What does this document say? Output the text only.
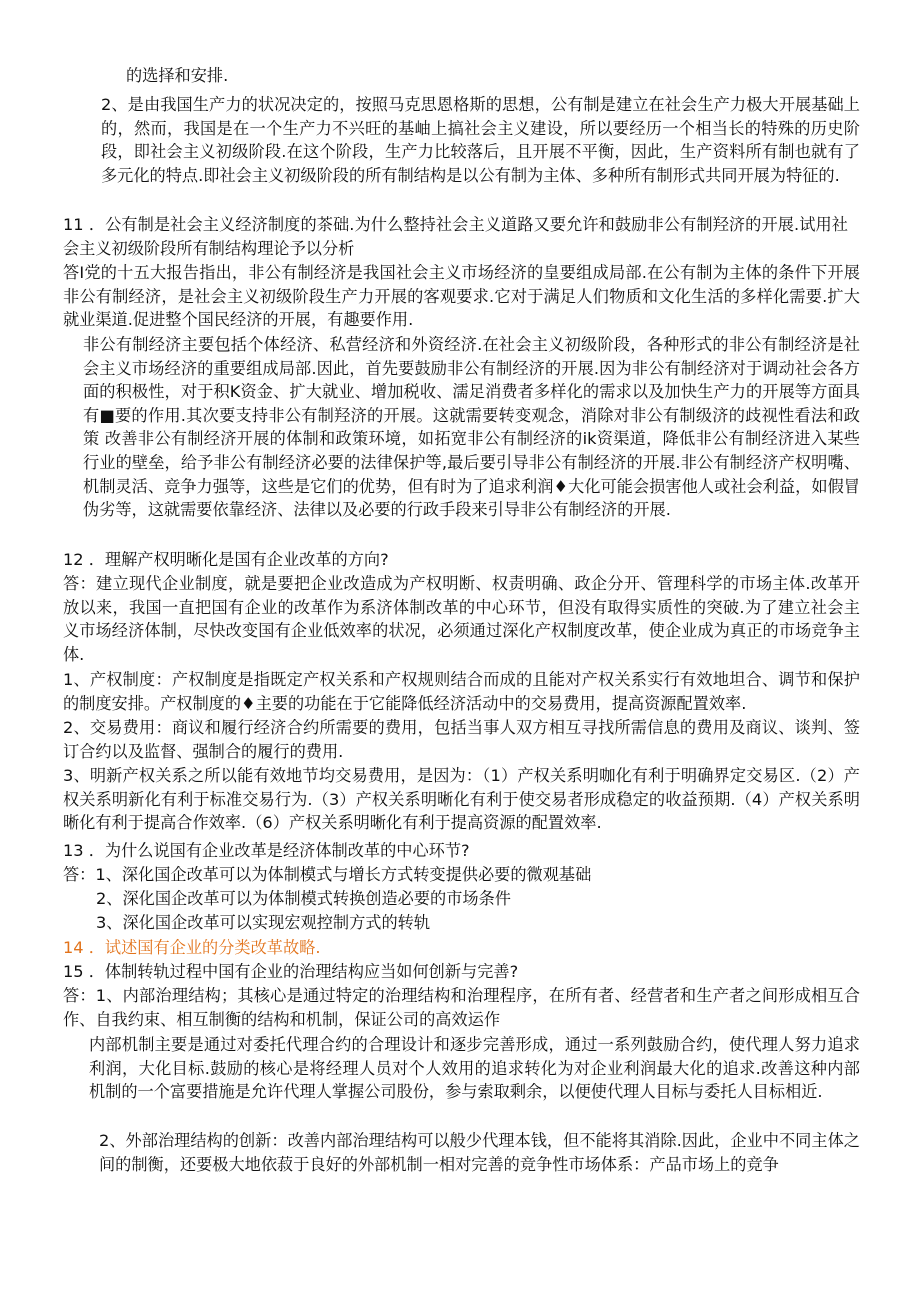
的选择和安排.
2、是由我国生产力的状况决定的，按照马克思恩格斯的思想，公有制是建立在社会生产力极大开展基础上的，然而，我国是在一个生产力不兴旺的基岫上搞社会主义建设，所以要经历一个相当长的特殊的历史阶段，即社会主义初级阶段.在这个阶段，生产力比较落后，且开展不平衡，因此，生产资料所有制也就有了多元化的特点.即社会主义初级阶段的所有制结构是以公有制为主体、多种所有制形式共同开展为特征的.
11 ．公有制是社会主义经济制度的茶础.为什么整持社会主义道路又要允许和鼓励非公有制羟济的开展.试用社会主义初级阶段所有制结构理论予以分析
答I党的十五大报告指出，非公有制经济是我国社会主义市场经济的皇要组成局部.在公有制为主体的条件下开展非公有制经济，是社会主义初级阶段生产力开展的客观要求.它对于满足人们物质和文化生活的多样化需要.扩大就业渠道.促进整个国民经济的开展，有趣要作用.
非公有制经济主要包括个体经济、私营经济和外资经济.在社会主义初级阶段，各种形式的非公有制经济是社会主义市场经济的重要组成局部.因此，首先要鼓励非公有制经济的开展.因为非公有制经济对于调动社会各方面的积极性，对于积K资金、扩大就业、增加税收、濡足消费者多样化的需求以及加快生产力的开展等方面具有■要的作用.其次要支持非公有制羟济的开展。这就需要转变观念，消除对非公有制级济的歧视性看法和政策 改善非公有制经济开展的体制和政策环境，如拓宽非公有制经济的ik资渠道，降低非公有制经济进入某些行业的壁垒，给予非公有制经济必要的法律保护等,最后要引导非公有制经济的开展.非公有制经济产权明嘴、机制灵活、竞争力强等，这些是它们的优势，但有时为了追求利润♦大化可能会损害他人或社会利益，如假冒伪劣等，这就需要依靠经济、法律以及必要的行政手段来引导非公有制经济的开展.
12 ．理解产权明晰化是国有企业改革的方向?
答：建立现代企业制度，就是要把企业改造成为产权明断、权责明确、政企分开、管理科学的市场主体.改革开放以来，我国一直把国有企业的改革作为系济体制改革的中心环节，但没有取得实质性的突破.为了建立社会主义市场经济体制，尽快改变国有企业低效率的状况，必须通过深化产权制度改革，使企业成为真正的市场竞争主体.
1、产权制度：产权制度是指既定产权关系和产权规则结合而成的且能对产权关系实行有效地坦合、调节和保护的制度安排。产权制度的♦主要的功能在于它能降低经济活动中的交易费用，提高资源配置效率.
2、交易费用：商议和履行经济合约所需要的费用，包括当事人双方相互寻找所需信息的费用及商议、谈判、签订合约以及监督、强制合的履行的费用.
3、明新产权关系之所以能有效地节均交易费用，是因为：（1）产权关系明咖化有利于明确界定交易区.（2）产权关系明新化有利于标准交易行为.（3）产权关系明晰化有利于使交易者形成稳定的收益预期.（4）产权关系明晰化有利于提高合作效率.（6）产权关系明晰化有利于提高资源的配置效率.
13 ．为什么说国有企业改革是经济体制改革的中心环节?
答：1、深化国企改革可以为体制模式与增长方式转变提供必要的微观基础
2、深化国企改革可以为体制模式转换创造必要的市场条件
3、深化国企改革可以实现宏观控制方式的转轨
14 ．试述国有企业的分类改革故略.
15 ．体制转轨过程中国有企业的治理结构应当如何创新与完善?
答：1、内部治理结构；其核心是通过特定的治理结构和治理程序，在所有者、经营者和生产者之间形成相互合作、自我约束、相互制衡的结构和机制，保证公司的高效运作
内部机制主要是通过对委托代理合约的合理设计和逐步完善形成，通过一系列鼓励合约，使代理人努力追求利润，大化目标.鼓励的核心是将经理人员对个人效用的追求转化为对企业利润最大化的追求.改善这种内部机制的一个富要措施是允许代理人掌握公司股份，参与索取剩余，以便使代理人目标与委托人目标相近.
2、外部治理结构的创新：改善内部治理结构可以般少代理本钱，但不能将其消除.因此，企业中不同主体之间的制衡，还要极大地依菽于良好的外部机制一相对完善的竞争性市场体系：产品市场上的竞争
